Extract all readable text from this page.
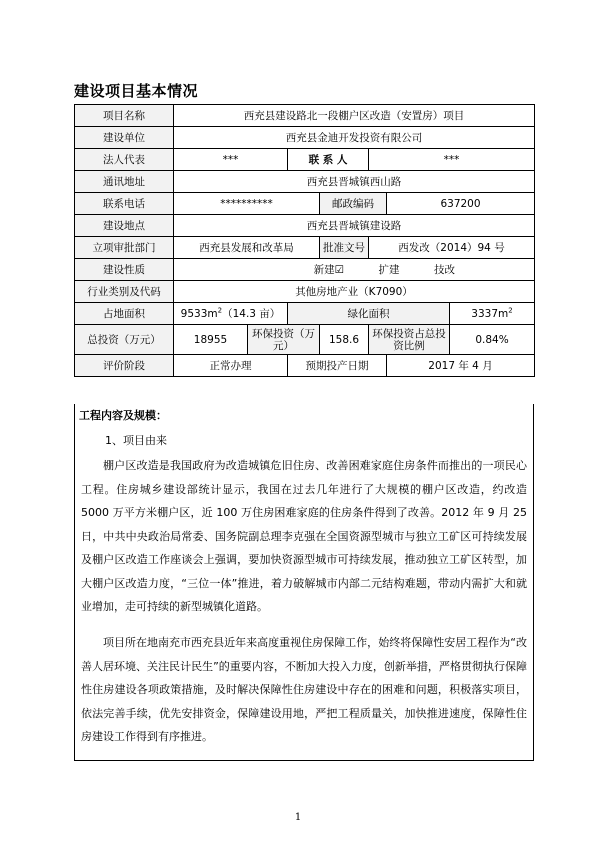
建设项目基本情况
项目名称	西充县建设路北一段棚户区改造（安置房）项目						
建设单位	西充县金迪开发投资有限公司						
法人代表	***		联 系 人		***		
通讯地址	西充县晋城镇西山路						
联系电话	**********			邮政编码		637200	
建设地点	西充县晋城镇建设路						
立项审批部门	西充县发展和改革局			批准文号	西发改（2014）94 号		
建设性质	新建☑ 扩建 技改						
行业类别及代码	其他房地产业（K7090）						
占地面积	$9533m^2(14.3$ 亩）		绿化面积				$3337m^2$
总投资（万元）	18955	环保投资（万元）		158.6	环保投资占总投资比例		0.84%
评价阶段	正常办理		预期投产日期			2017 年 4 月	
工程内容及规模：
1、项目由来

棚户区改造是我国政府为改造城镇危旧住房、改善困难家庭住房条件而推出的一项民心工程。住房城乡建设部统计显示，我国在过去几年进行了大规模的棚户区改造，约改造 5000 万平方米棚户区，近 100 万住房困难家庭的住房条件得到了改善。2012 年 9 月 25 日，中共中央政治局常委、国务院副总理李克强在全国资源型城市与独立工矿区可持续发展及棚户区改造工作座谈会上强调，要加快资源型城市可持续发展，推动独立工矿区转型，加大棚户区改造力度，“三位一体”推进，着力破解城市内部二元结构难题，带动内需扩大和就业增加，走可持续的新型城镇化道路。

项目所在地南充市西充县近年来高度重视住房保障工作，始终将保障性安居工程作为“改善人居环境、关注民计民生”的重要内容，不断加大投入力度，创新举措，严格贯彻执行保障性住房建设各项政策措施，及时解决保障性住房建设中存在的困难和问题，积极落实项目，依法完善手续，优先安排资金，保障建设用地，严把工程质量关，加快推进速度，保障性住房建设工作得到有序推进。

1
